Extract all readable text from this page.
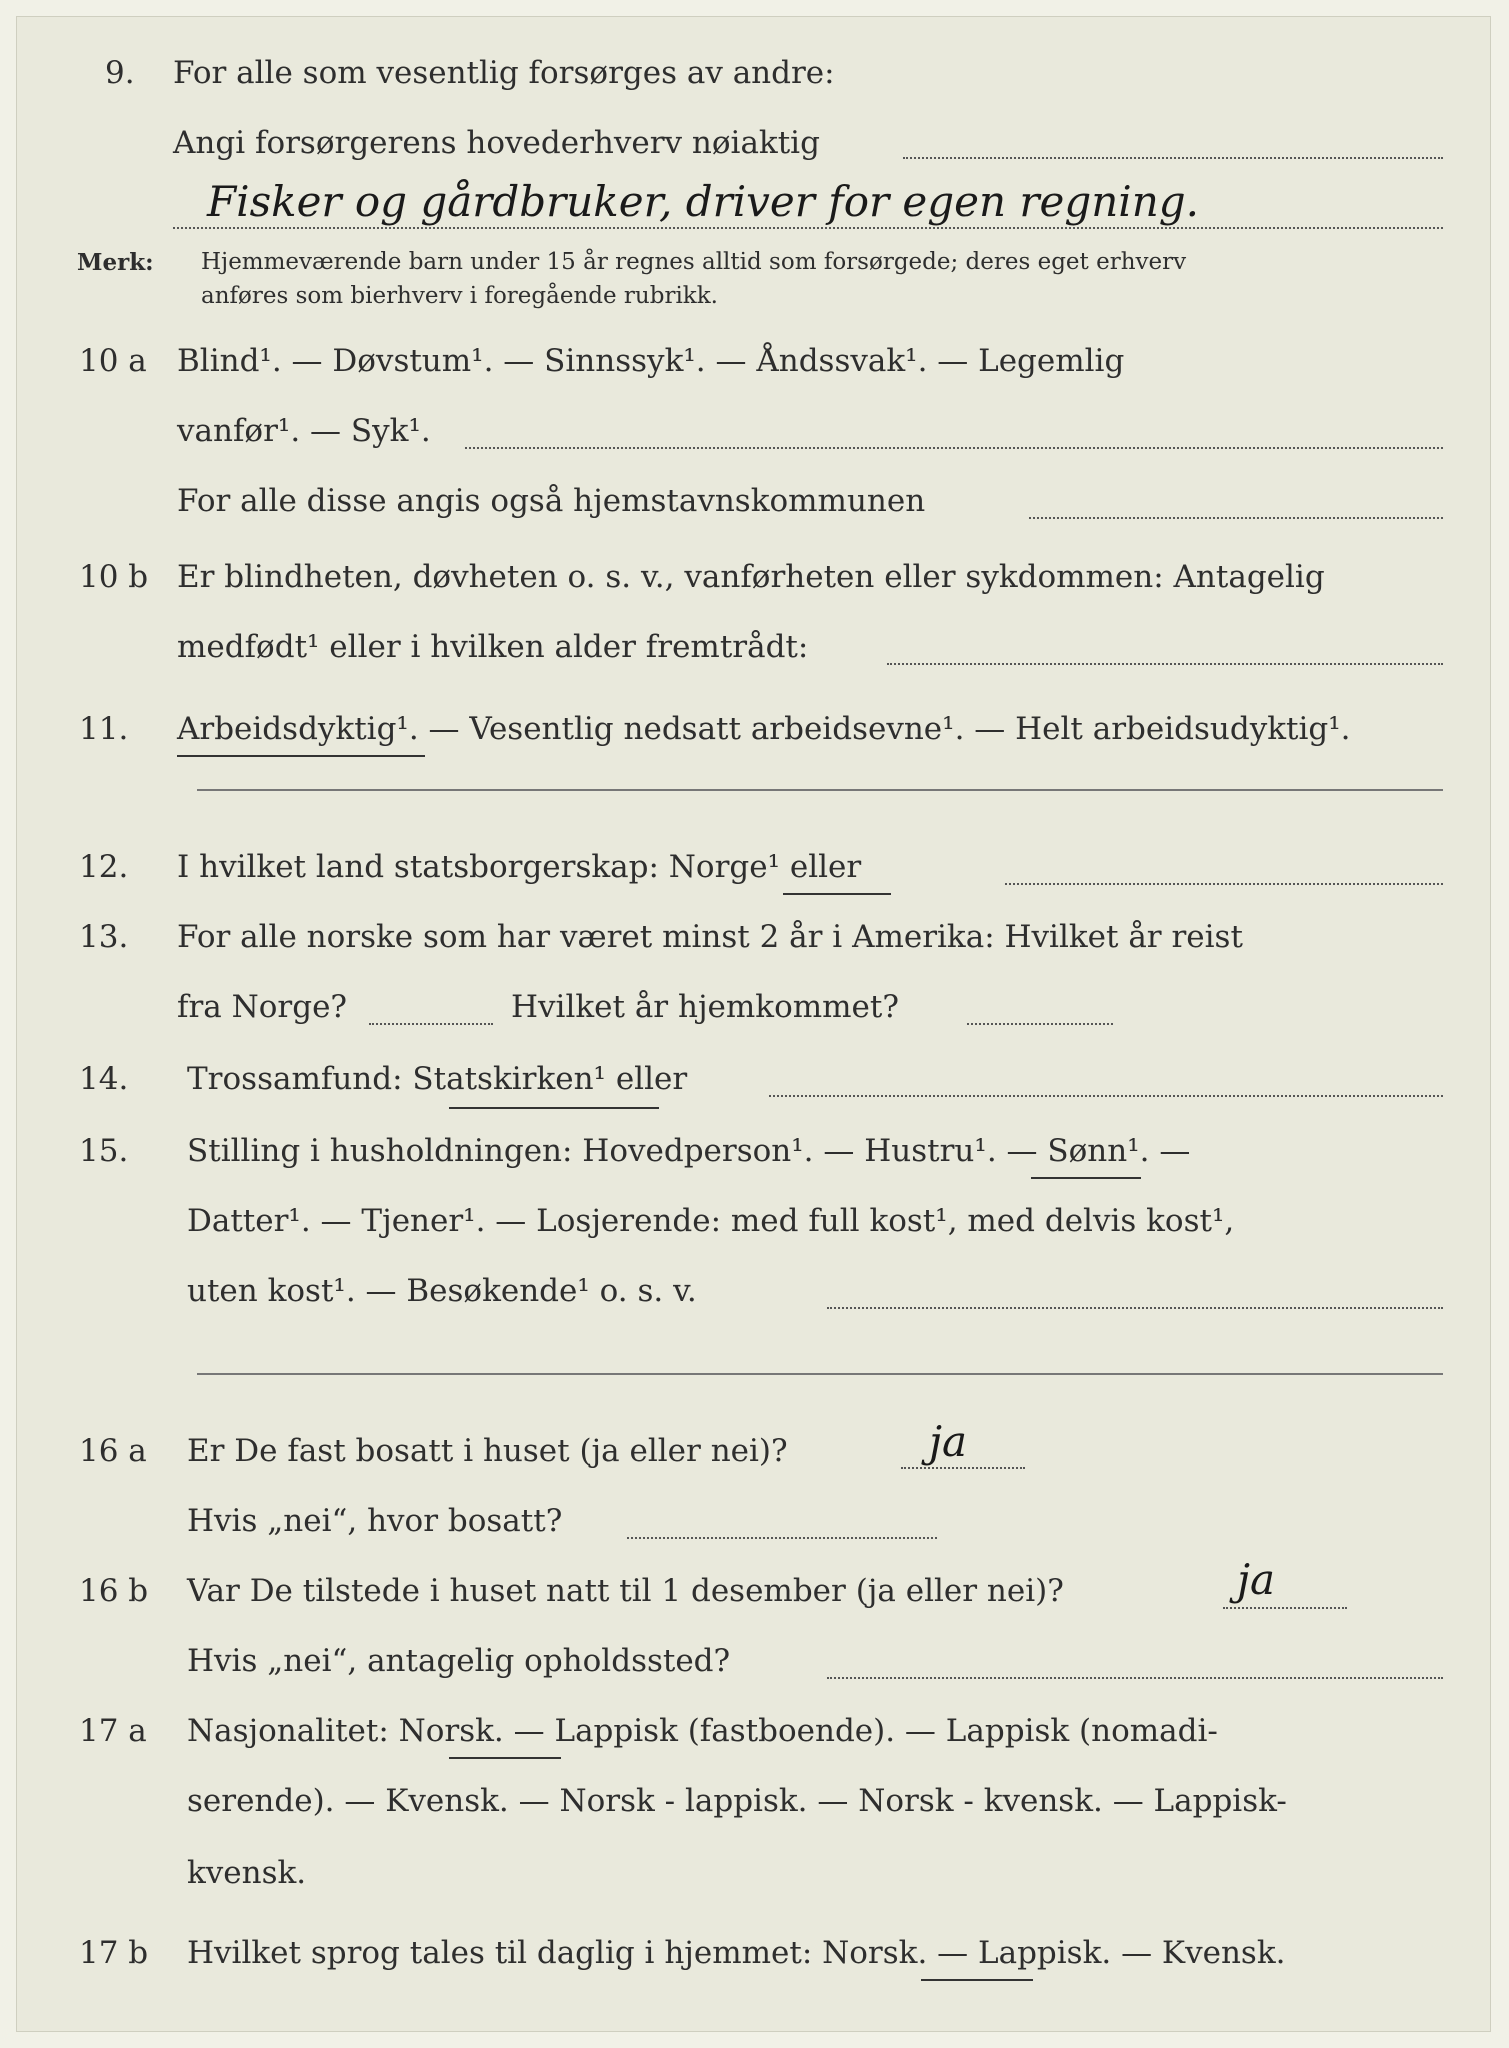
9. For alle som vesentlig forsørges av andre:
Angi forsørgerens hovederhverv nøiaktig
Fisker og gårdbruker, driver for egen regning.
Merk: Hjemmeværende barn under 15 år regnes alltid som forsørgede; deres eget erhverv
anføres som bierhverv i foregående rubrikk.
10 a Blind¹. — Døvstum¹. — Sinnssyk¹. — Åndssvak¹. — Legemlig
vanfør¹. — Syk¹.
For alle disse angis også hjemstavnskommunen
10 b Er blindheten, døvheten o. s. v., vanførheten eller sykdommen: Antagelig
medfødt¹ eller i hvilken alder fremtrådt:
11. Arbeidsdyktig¹. — Vesentlig nedsatt arbeidsevne¹. — Helt arbeidsudyktig¹.
12. I hvilket land statsborgerskap: Norge¹ eller
13. For alle norske som har været minst 2 år i Amerika: Hvilket år reist
fra Norge?	Hvilket år hjemkommet?
14. Trossamfund: Statskirken¹ eller
15. Stilling i husholdningen: Hovedperson¹. — Hustru¹. — Sønn¹. —
Datter¹. — Tjener¹. — Losjerende: med full kost¹, med delvis kost¹,
uten kost¹. — Besøkende¹ o. s. v.
16 a Er De fast bosatt i huset (ja eller nei)?	ja
Hvis „nei“, hvor bosatt?
16 b Var De tilstede i huset natt til 1 desember (ja eller nei)?	ja
Hvis „nei“, antagelig opholdssted?
17 a Nasjonalitet: Norsk. — Lappisk (fastboende). — Lappisk (nomadi-
serende). — Kvensk. — Norsk - lappisk. — Norsk - kvensk. — Lappisk-
kvensk.
17 b Hvilket sprog tales til daglig i hjemmet: Norsk. — Lappisk. — Kvensk.
